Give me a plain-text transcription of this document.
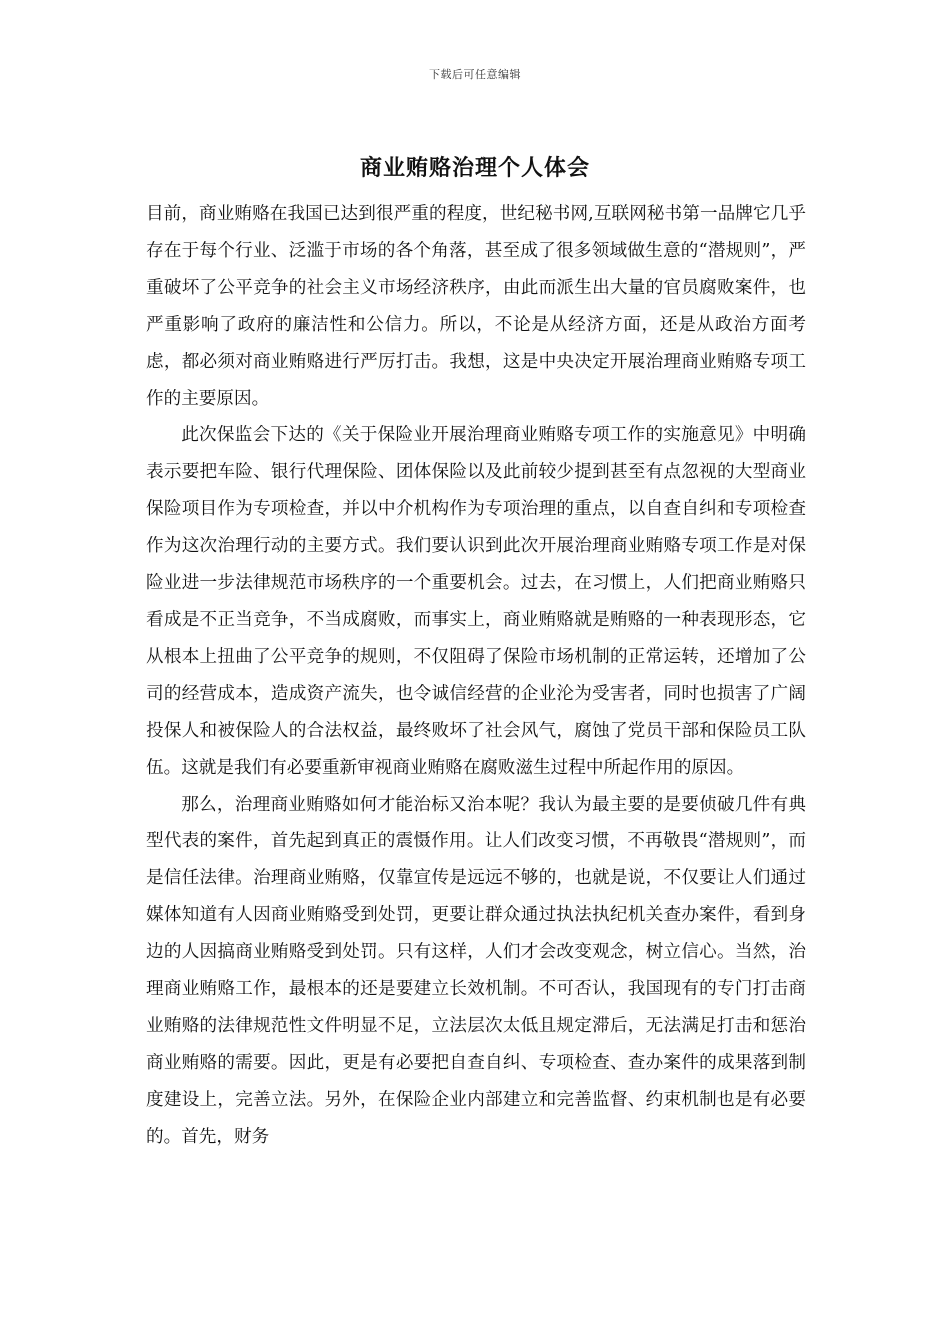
下载后可任意编辑
商业贿赂治理个人体会

目前，商业贿赂在我国已达到很严重的程度，世纪秘书网,互联网秘书第一品牌它几乎存在于每个行业、泛滥于市场的各个角落，甚至成了很多领域做生意的“潜规则”，严重破坏了公平竞争的社会主义市场经济秩序，由此而派生出大量的官员腐败案件，也严重影响了政府的廉洁性和公信力。所以，不论是从经济方面，还是从政治方面考虑，都必须对商业贿赂进行严厉打击。我想，这是中央决定开展治理商业贿赂专项工作的主要原因。

此次保监会下达的《关于保险业开展治理商业贿赂专项工作的实施意见》中明确表示要把车险、银行代理保险、团体保险以及此前较少提到甚至有点忽视的大型商业保险项目作为专项检查，并以中介机构作为专项治理的重点，以自查自纠和专项检查作为这次治理行动的主要方式。我们要认识到此次开展治理商业贿赂专项工作是对保险业进一步法律规范市场秩序的一个重要机会。过去，在习惯上，人们把商业贿赂只看成是不正当竞争，不当成腐败，而事实上，商业贿赂就是贿赂的一种表现形态，它从根本上扭曲了公平竞争的规则，不仅阻碍了保险市场机制的正常运转，还增加了公司的经营成本，造成资产流失，也令诚信经营的企业沦为受害者，同时也损害了广阔投保人和被保险人的合法权益，最终败坏了社会风气，腐蚀了党员干部和保险员工队伍。这就是我们有必要重新审视商业贿赂在腐败滋生过程中所起作用的原因。

那么，治理商业贿赂如何才能治标又治本呢？我认为最主要的是要侦破几件有典型代表的案件，首先起到真正的震慑作用。让人们改变习惯，不再敬畏“潜规则”，而是信任法律。治理商业贿赂，仅靠宣传是远远不够的，也就是说，不仅要让人们通过媒体知道有人因商业贿赂受到处罚，更要让群众通过执法执纪机关查办案件，看到身边的人因搞商业贿赂受到处罚。只有这样，人们才会改变观念，树立信心。当然，治理商业贿赂工作，最根本的还是要建立长效机制。不可否认，我国现有的专门打击商业贿赂的法律规范性文件明显不足，立法层次太低且规定滞后，无法满足打击和惩治商业贿赂的需要。因此，更是有必要把自查自纠、专项检查、查办案件的成果落到制度建设上，完善立法。另外，在保险企业内部建立和完善监督、约束机制也是有必要的。首先，财务
